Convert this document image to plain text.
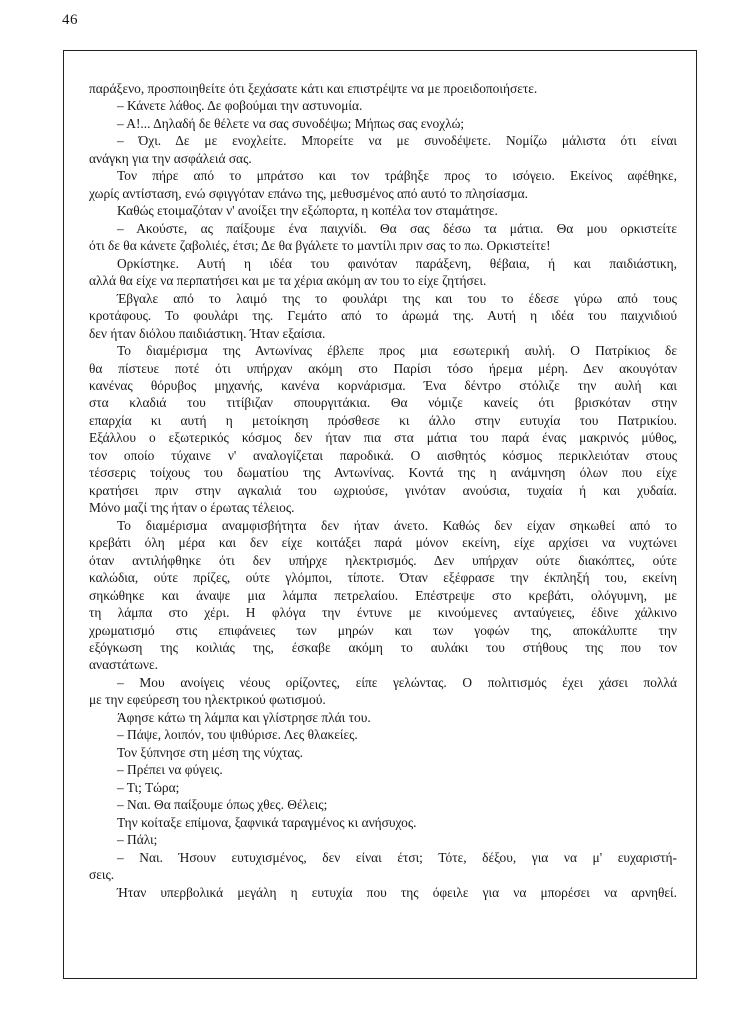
46
παράξενο, προσποιηθείτε ότι ξεχάσατε κάτι και επιστρέψτε να με προειδοποιήσετε.
– Κάνετε λάθος. Δε φοβούμαι την αστυνομία.
– Α!... Δηλαδή δε θέλετε να σας συνοδέψω; Μήπως σας ενοχλώ;
– Όχι. Δε με ενοχλείτε. Μπορείτε να με συνοδέψετε. Νομίζω μάλιστα ότι είναι
ανάγκη για την ασφάλειά σας.
Τον πήρε από το μπράτσο και τον τράβηξε προς το ισόγειο. Εκείνος αφέθηκε,
χωρίς αντίσταση, ενώ σφιγγόταν επάνω της, μεθυσμένος από αυτό το πλησίασμα.
Καθώς ετοιμαζόταν ν' ανοίξει την εξώπορτα, η κοπέλα τον σταμάτησε.
– Ακούστε, ας παίξουμε ένα παιχνίδι. Θα σας δέσω τα μάτια. Θα μου ορκιστείτε
ότι δε θα κάνετε ζαβολιές, έτσι; Δε θα βγάλετε το μαντίλι πριν σας το πω. Ορκιστείτε!
Ορκίστηκε. Αυτή η ιδέα του φαινόταν παράξενη, θέβαια, ή και παιδιάστικη,
αλλά θα είχε να περπατήσει και με τα χέρια ακόμη αν του το είχε ζητήσει.
Έβγαλε από το λαιμό της το φουλάρι της και του το έδεσε γύρω από τους
κροτάφους. Το φουλάρι της. Γεμάτο από το άρωμά της. Αυτή η ιδέα του παιχνιδιού
δεν ήταν διόλου παιδιάστικη. Ήταν εξαίσια.
Το διαμέρισμα της Αντωνίνας έβλεπε προς μια εσωτερική αυλή. Ο Πατρίκιος δε
θα πίστευε ποτέ ότι υπήρχαν ακόμη στο Παρίσι τόσο ήρεμα μέρη. Δεν ακουγόταν
κανένας θόρυβος μηχανής, κανένα κορνάρισμα. Ένα δέντρο στόλιζε την αυλή και
στα κλαδιά του τιτίβιζαν σπουργιτάκια. Θα νόμιζε κανείς ότι βρισκόταν στην
επαρχία κι αυτή η μετοίκηση πρόσθεσε κι άλλο στην ευτυχία του Πατρικίου.
Εξάλλου ο εξωτερικός κόσμος δεν ήταν πια στα μάτια του παρά ένας μακρινός μύθος,
τον οποίο τύχαινε ν' αναλογίζεται παροδικά. Ο αισθητός κόσμος περικλειόταν στους
τέσσερις τοίχους του δωματίου της Αντωνίνας. Κοντά της η ανάμνηση όλων που είχε
κρατήσει πριν στην αγκαλιά του ωχριούσε, γινόταν ανούσια, τυχαία ή και χυδαία.
Μόνο μαζί της ήταν ο έρωτας τέλειος.
Το διαμέρισμα αναμφισβήτητα δεν ήταν άνετο. Καθώς δεν είχαν σηκωθεί από το
κρεβάτι όλη μέρα και δεν είχε κοιτάξει παρά μόνον εκείνη, είχε αρχίσει να νυχτώνει
όταν αντιλήφθηκε ότι δεν υπήρχε ηλεκτρισμός. Δεν υπήρχαν ούτε διακόπτες, ούτε
καλώδια, ούτε πρίζες, ούτε γλόμποι, τίποτε. Όταν εξέφρασε την έκπληξή του, εκείνη
σηκώθηκε και άναψε μια λάμπα πετρελαίου. Επέστρεψε στο κρεβάτι, ολόγυμνη, με
τη λάμπα στο χέρι. Η φλόγα την έντυνε με κινούμενες ανταύγειες, έδινε χάλκινο
χρωματισμό στις επιφάνειες των μηρών και των γοφών της, αποκάλυπτε την
εξόγκωση της κοιλιάς της, έσκαβε ακόμη το αυλάκι του στήθους της που τον
αναστάτωνε.
– Μου ανοίγεις νέους ορίζοντες, είπε γελώντας. Ο πολιτισμός έχει χάσει πολλά
με την εφεύρεση του ηλεκτρικού φωτισμού.
Άφησε κάτω τη λάμπα και γλίστρησε πλάι του.
– Πάψε, λοιπόν, του ψιθύρισε. Λες θλακείες.
Τον ξύπνησε στη μέση της νύχτας.
– Πρέπει να φύγεις.
– Τι; Τώρα;
– Ναι. Θα παίξουμε όπως χθες. Θέλεις;
Την κοίταξε επίμονα, ξαφνικά ταραγμένος κι ανήσυχος.
– Πάλι;
– Ναι. Ήσουν ευτυχισμένος, δεν είναι έτσι; Τότε, δέξου, για να μ' ευχαριστή-
σεις.
Ήταν υπερβολικά μεγάλη η ευτυχία που της όφειλε για να μπορέσει να αρνηθεί.
